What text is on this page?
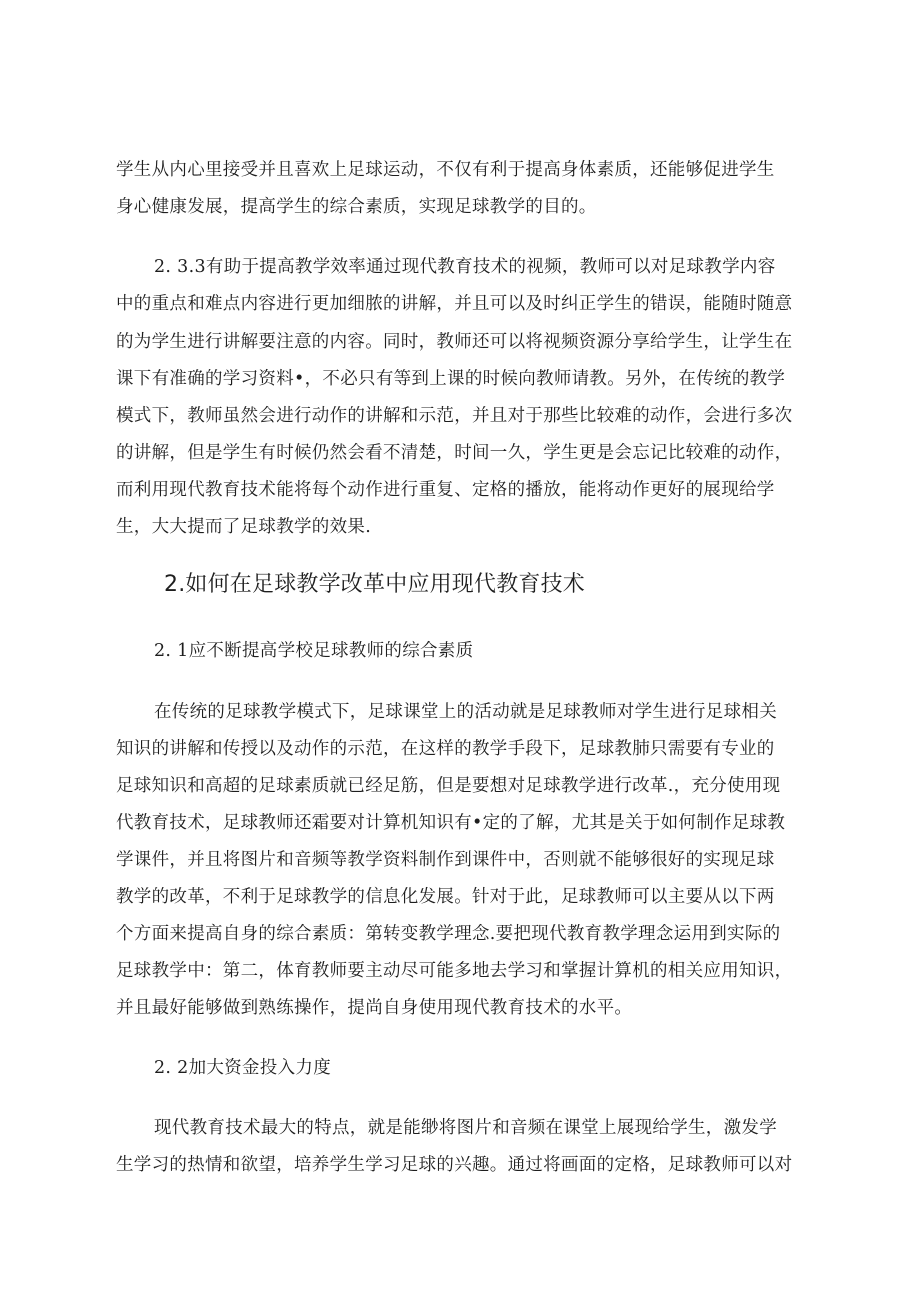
学生从内心里接受并且喜欢上足球运动，不仅有利于提高身体素质，还能够促进学生
身心健康发展，提高学生的综合素质，实现足球教学的目的。
2. 3.3有助于提高教学效率通过现代教育技术的视频，教师可以对足球教学内容
中的重点和难点内容进行更加细脓的讲解，并且可以及时纠正学生的错误，能随时随意
的为学生进行讲解要注意的内容。同时，教师还可以将视频资源分享给学生，让学生在
课下有准确的学习资料•，不必只有等到上课的时候向教师请教。另外，在传统的教学
模式下，教师虽然会进行动作的讲解和示范，并且对于那些比较难的动作，会进行多次
的讲解，但是学生有时候仍然会看不清楚，时间一久，学生更是会忘记比较难的动作，
而利用现代教育技术能将每个动作进行重复、定格的播放，能将动作更好的展现给学
生，大大提而了足球教学的效果.
2.如何在足球教学改革中应用现代教育技术
2. 1应不断提高学校足球教师的综合素质
在传统的足球教学模式下，足球课堂上的活动就是足球教师对学生进行足球相关
知识的讲解和传授以及动作的示范，在这样的教学手段下，足球教肺只需要有专业的
足球知识和高超的足球素质就已经足筋，但是要想对足球教学进行改革.，充分使用现
代教育技术，足球教师还霜要对计算机知识有•定的了解，尤其是关于如何制作足球教
学课件，并且将图片和音频等教学资料制作到课件中，否则就不能够很好的实现足球
教学的改革，不利于足球教学的信息化发展。针对于此，足球教师可以主要从以下两
个方面来提高自身的综合素质：第转变教学理念.要把现代教育教学理念运用到实际的
足球教学中：第二，体育教师要主动尽可能多地去学习和掌握计算机的相关应用知识，
并且最好能够做到熟练操作，提尚自身使用现代教育技术的水平。
2. 2加大资金投入力度
现代教育技术最大的特点，就是能缈将图片和音频在课堂上展现给学生，激发学
生学习的热情和欲望，培养学生学习足球的兴趣。通过将画面的定格，足球教师可以对
